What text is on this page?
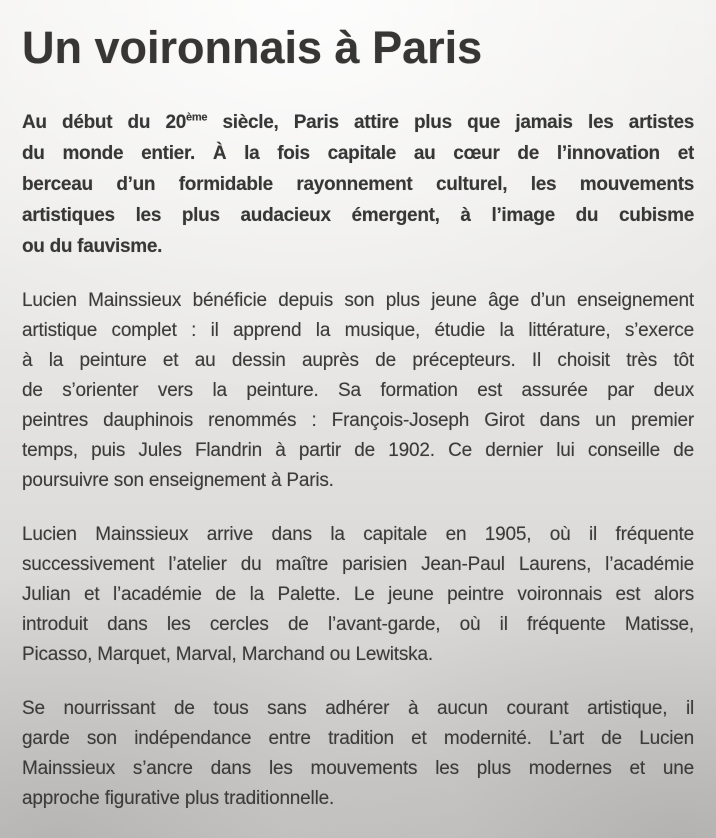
Un voironnais à Paris

Au début du 20ème siècle, Paris attire plus que jamais les artistes
du monde entier. À la fois capitale au cœur de l’innovation et
berceau d’un formidable rayonnement culturel, les mouvements
artistiques les plus audacieux émergent, à l’image du cubisme
ou du fauvisme.

Lucien Mainssieux bénéficie depuis son plus jeune âge d’un enseignement
artistique complet : il apprend la musique, étudie la littérature, s’exerce
à la peinture et au dessin auprès de précepteurs. Il choisit très tôt
de s’orienter vers la peinture. Sa formation est assurée par deux
peintres dauphinois renommés : François-Joseph Girot dans un premier
temps, puis Jules Flandrin à partir de 1902. Ce dernier lui conseille de
poursuivre son enseignement à Paris.

Lucien Mainssieux arrive dans la capitale en 1905, où il fréquente
successivement l’atelier du maître parisien Jean-Paul Laurens, l’académie
Julian et l’académie de la Palette. Le jeune peintre voironnais est alors
introduit dans les cercles de l’avant-garde, où il fréquente Matisse,
Picasso, Marquet, Marval, Marchand ou Lewitska.

Se nourrissant de tous sans adhérer à aucun courant artistique, il
garde son indépendance entre tradition et modernité. L’art de Lucien
Mainssieux s’ancre dans les mouvements les plus modernes et une
approche figurative plus traditionnelle.
